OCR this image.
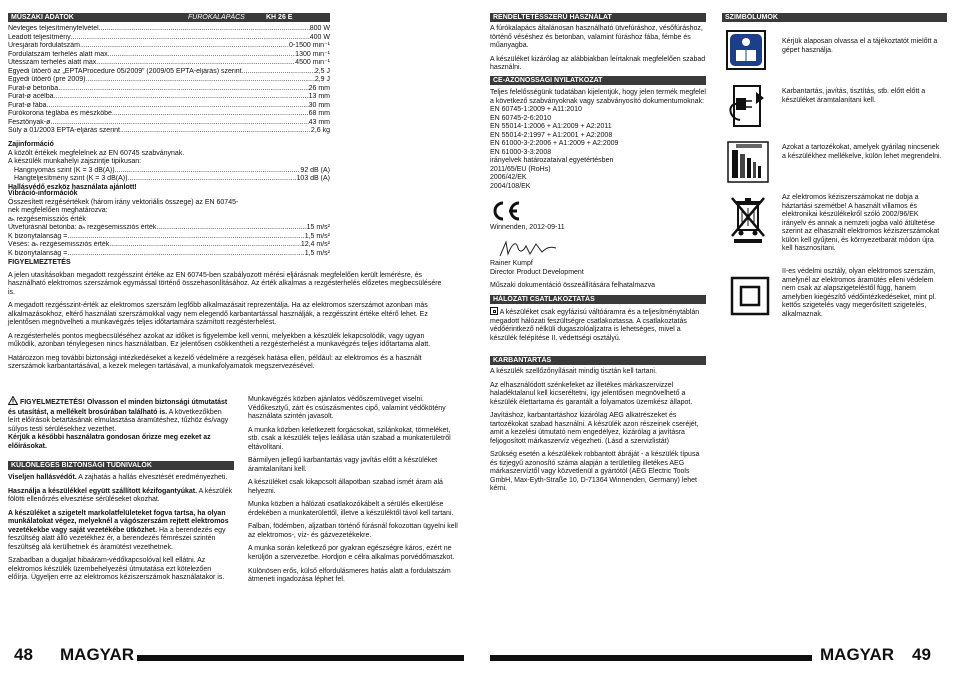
MŰSZAKI ADATOK	FÚRÓKALAPÁCS	KH 26 E
Névleges teljesítményfelvétel .....	800 W
Leadott teljesítmény .....	400 W
Üresjárati fordulatszám .....	0-1500 min⁻¹
Fordulatszám terhelés alatt max. .....	1300 min⁻¹
Ütésszám terhelés alatt max. .....	4500 min⁻¹
Egyedi ütőerő az „EPTAProcedure 05/2009” (2009/05 EPTA-eljárás) szerint .....	2,5 J
Egyedi ütőerő (pre 2009) .....	2,9 J
Furat-ø betonba .....	26 mm
Furat-ø acélba .....	13 mm
Furat-ø fába .....	30 mm
Fúrókorona téglába és mészkőbe .....	68 mm
Fesztőnyak-ø .....	43 mm
Súly a 01/2003 EPTA-eljárás szerint .....	2,6 kg
Zajinformáció
A közölt értékek megfelelnek az EN 60745 szabványnak.
A készülék munkahelyi zajszintje tipikusan:
Hangnyomás szint (K = 3 dB(A)) .....	92 dB (A)
Hangteljesítmény szint (K = 3 dB(A)) .....	103 dB (A)
Hallásvédő eszköz használata ajánlott!
Vibráció-információk
Összesített rezgésértékek (három irány vektoriális összege) az EN 60745-nek megfelelően meghatározva:
aₕ rezgésemissziós érték
Ütvefúrásnál betonba: aₕ rezgésemissziós érték .....	15 m/s²
K bizonytalanság = .....	1,5 m/s²
Vésés: aₕ rezgésemissziós érték .....	12,4 m/s²
K bizonytalanság = .....	1,5 m/s²
FIGYELMEZTETÉS

A jelen utasításokban megadott rezgésszint értéke az EN 60745-ben szabályozott mérési eljárásnak megfelelően került lemérésre, és használható elektromos szerszámok egymással történő összehasonlításához. Az érték alkalmas a rezgésterhelés előzetes megbecsülésére is.

A megadott rezgésszint-érték az elektromos szerszám legfőbb alkalmazásait reprezentálja. Ha az elektromos szerszámot azonban más alkalmazásokhoz, eltérő használati szerszámokkal vagy nem elegendő karbantartással használják, a rezgésszint értéke eltérő lehet. Ez jelentősen megnövelheti a munkavégzés teljes időtartamára számított rezgésterhelést.

A rezgésterhelés pontos megbecsüléséhez azokat az időket is figyelembe kell venni, melyekben a készülék lekapcsolódik, vagy ugyan működik, azonban ténylegesen nincs használatban. Ez jelentősen csökkentheti a rezgésterhelést a munkavégzés teljes időtartama alatt.

Határozzon meg további biztonsági intézkedéseket a kezelő védelmére a rezgések hatása ellen, például: az elektromos és a használt szerszámok karbantartásával, a kezek melegen tartásával, a munkafolyamatok megszervezésével.

FIGYELMEZTETÉS! Olvasson el minden biztonsági útmutatást és utasítást, a mellékelt brosúrában található is. A következőkben leírt előírások betartásának elmulasztása áramütéshez, tűzhöz és/vagy súlyos testi sérülésekhez vezethet.
Kérjük a későbbi használatra gondosan őrizze meg ezeket az előírásokat.
KÜLÖNLEGES BIZTONSÁGI TUDNIVALÓK

Viseljen hallásvédőt. A zajhatás a hallás elvesztését eredményezheti.

Használja a készülékkel együtt szállított kézifogantyúkat. A készülék fölötti ellenőrzés elvesztése sérüléseket okozhat.

A készüléket a szigetelt markolatfelületeket fogva tartsa, ha olyan munkálatokat végez, melyeknél a vágószerszám rejtett elektromos vezetékekbe vagy saját vezetékébe ütközhet. Ha a berendezés egy feszültség alatt álló vezetékhez ér, a berendezés fémrészei szintén feszültség alá kerülhetnek és áramütést vezethetnek.

Szabadban a dugaljat hibaáram-védőkapcsolóval kell ellátni. Az elektromos készülék üzembehelyezési útmutatása ezt kötelezően előírja. Ügyeljen erre az elektromos kéziszerszámok használatakor is.

Munkavégzés közben ajánlatos védőszemüveget viselni. Védőkesztyű, zárt és csúszásmentes cipő, valamint védőkötény használata szintén javasolt.

A munka közben keletkezett forgácsokat, szilánkokat, törmeléket, stb. csak a készülék teljes leállása után szabad a munkaterületről eltávolítani.

Bármilyen jellegű karbantartás vagy javítás előtt a készüléket áramtalanítani kell.

A készüléket csak kikapcsolt állapotban szabad ismét áram alá helyezni.

Munka közben a hálózati csatlakozókábelt a sérülés elkerülése érdekében a munkaterülettől, illetve a készüléktől távol kell tartani.

Falban, födémben, aljzatban történő fúrásnál fokozottan ügyelni kell az elektromos-, víz- és gázvezetékekre.

A munka során keletkező por gyakran egészségre káros, ezért ne kerüljön a szervezetbe. Hordjon e célra alkalmas porvédőmaszkot.

Különösen erős, külső elfordulásmeres hatás alatt a fordulatszám átmeneti ingadozása léphet fel.

48 MAGYAR
RENDELTETÉSSZERŰ HASZNÁLAT

A fúrókalapács általánosan használható ütvefúráshoz, vésőfúráshoz, történő véséshez és betonban, valamint fúráshoz fába, fémbe és műanyagba.

A készüléket kizárólag az alábbiakban leírtaknak megfelelően szabad használni.

CE-AZONOSSÁGI NYILATKOZAT
Teljes felelősségünk tudatában kijelentjük, hogy jelen termék megfelel a következő szabványoknak vagy szabványosító dokumentumoknak:
EN 60745-1:2009 + A11:2010
EN 60745-2-6:2010
EN 55014-1:2006 + A1:2009 + A2:2011
EN 55014-2:1997 + A1:2001 + A2:2008
EN 61000-3-2:2006 + A1:2009 + A2:2009
EN 61000-3-3:2008
irányelvek határozataival egyetértésben
2011/65/EU (RoHs)
2006/42/EK
2004/108/EK
Winnenden, 2012-09-11
Rainer Kumpf
Director Product Development
Műszaki dokumentáció összeállítására felhatalmazva
HÁLÓZATI CSATLAKOZTATÁS
A készüléket csak egyfázisú váltóáramra és a teljesítménytáblán megadott hálózati feszültségre csatlakoztassa. A csatlakoztatás védőérintkező nélküli dugaszolóaljzatra is lehetséges, mivel a készülék felépítése II. védettségi osztályú.
KARBANTARTÁS

A készülék szellőzőnyílásait mindig tisztán kell tartani.

Az elhasználódott szénkefeket az illetékes márkaszervizzel haladéktalanul kell kicseréltetni, így jelentősen megnövelhető a készülék élettartama és garantált a folyamatos üzemkész állapot.

Javításhoz, karbantartáshoz kizárólag AEG alkatrészeket és tartozékokat szabad használni. A készülék azon részeinek cseréjét, amit a kezelési útmutató nem engedélyez, kizárólag a javításra feljogosított márkaszervíz végezheti. (Lásd a szervizlistát)

Szükség esetén a készülékek robbantott ábráját - a készülék típusa és tizjegyű azonosító száma alapján a területileg illetékes AEG márkaszervíztől vagy közvetlenül a gyártótól (AEG Electric Tools GmbH, Max-Eyth-Straße 10, D-71364 Winnenden, Germany) lehet kérni.

SZIMBÓLUMOK
Kérjük alaposan olvassa el a tájékoztatót mielőtt a gépet használja.
Karbantartás, javítás, tisztítás, stb. előtt előtt a készüléket áramtalanítani kell.
Azokat a tartozékokat, amelyek gyárilag nincsenek a készülékhez mellékelve, külön lehet megrendelni.
Az elektromos kéziszerszámokat ne dobja a háztartási szemétbe! A használt villamos és elektronikai készülékekről szóló 2002/96/EK irányelv és annak a nemzeti jogba való átültetése szerint az elhasznált elektromos kéziszerszámokat külön kell gyűjteni, és környezetbarát módon újra kell hasznosítani.
II-es védelmi osztály, olyan elektromos szerszám, amelynél az elektromos áramütés elleni védelem nem csak az alapszigeteléstől függ, hanem amelyben kiegészítő védőintézkedéseket, mint pl. kettős szigetelés vagy megerősített szigetelés, alkalmaznak.
MAGYAR 49
